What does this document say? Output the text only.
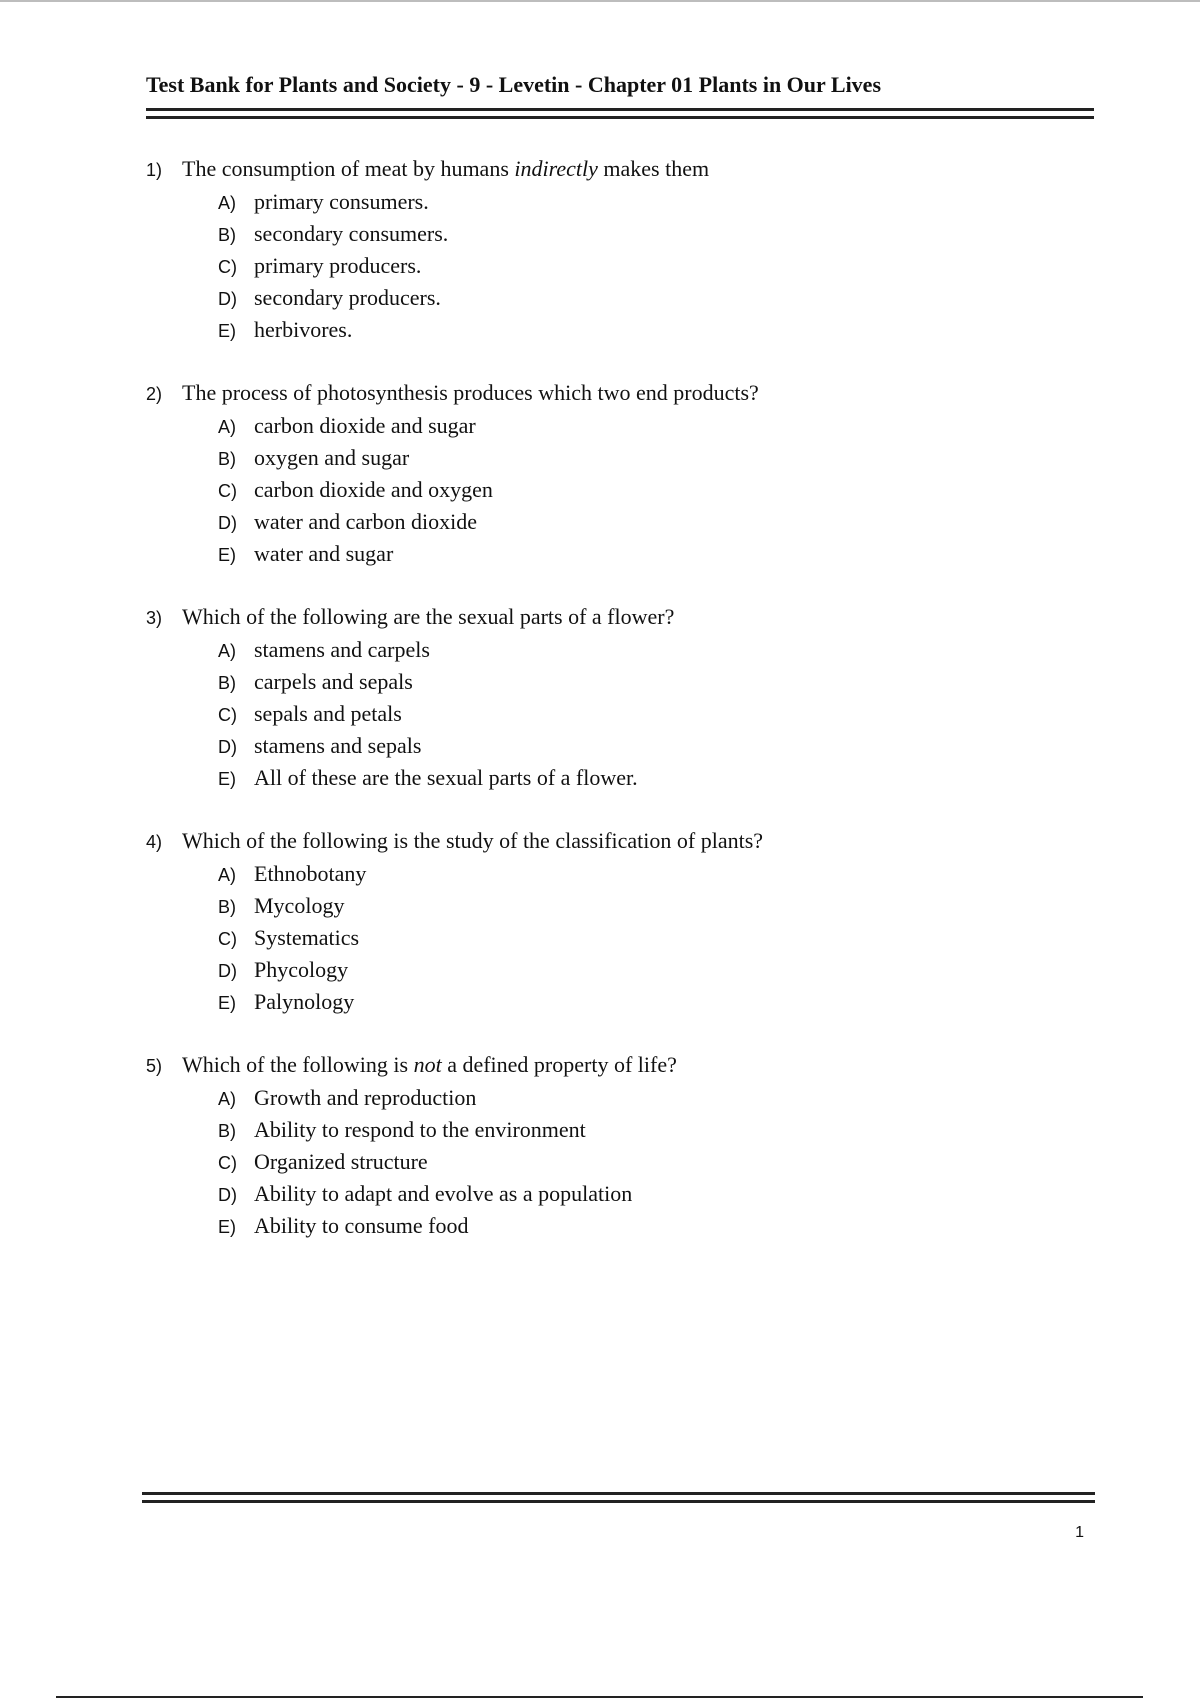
Test Bank for Plants and Society - 9 - Levetin - Chapter 01 Plants in Our Lives
1) The consumption of meat by humans indirectly makes them
A) primary consumers.
B) secondary consumers.
C) primary producers.
D) secondary producers.
E) herbivores.
2) The process of photosynthesis produces which two end products?
A) carbon dioxide and sugar
B) oxygen and sugar
C) carbon dioxide and oxygen
D) water and carbon dioxide
E) water and sugar
3) Which of the following are the sexual parts of a flower?
A) stamens and carpels
B) carpels and sepals
C) sepals and petals
D) stamens and sepals
E) All of these are the sexual parts of a flower.
4) Which of the following is the study of the classification of plants?
A) Ethnobotany
B) Mycology
C) Systematics
D) Phycology
E) Palynology
5) Which of the following is not a defined property of life?
A) Growth and reproduction
B) Ability to respond to the environment
C) Organized structure
D) Ability to adapt and evolve as a population
E) Ability to consume food
1
